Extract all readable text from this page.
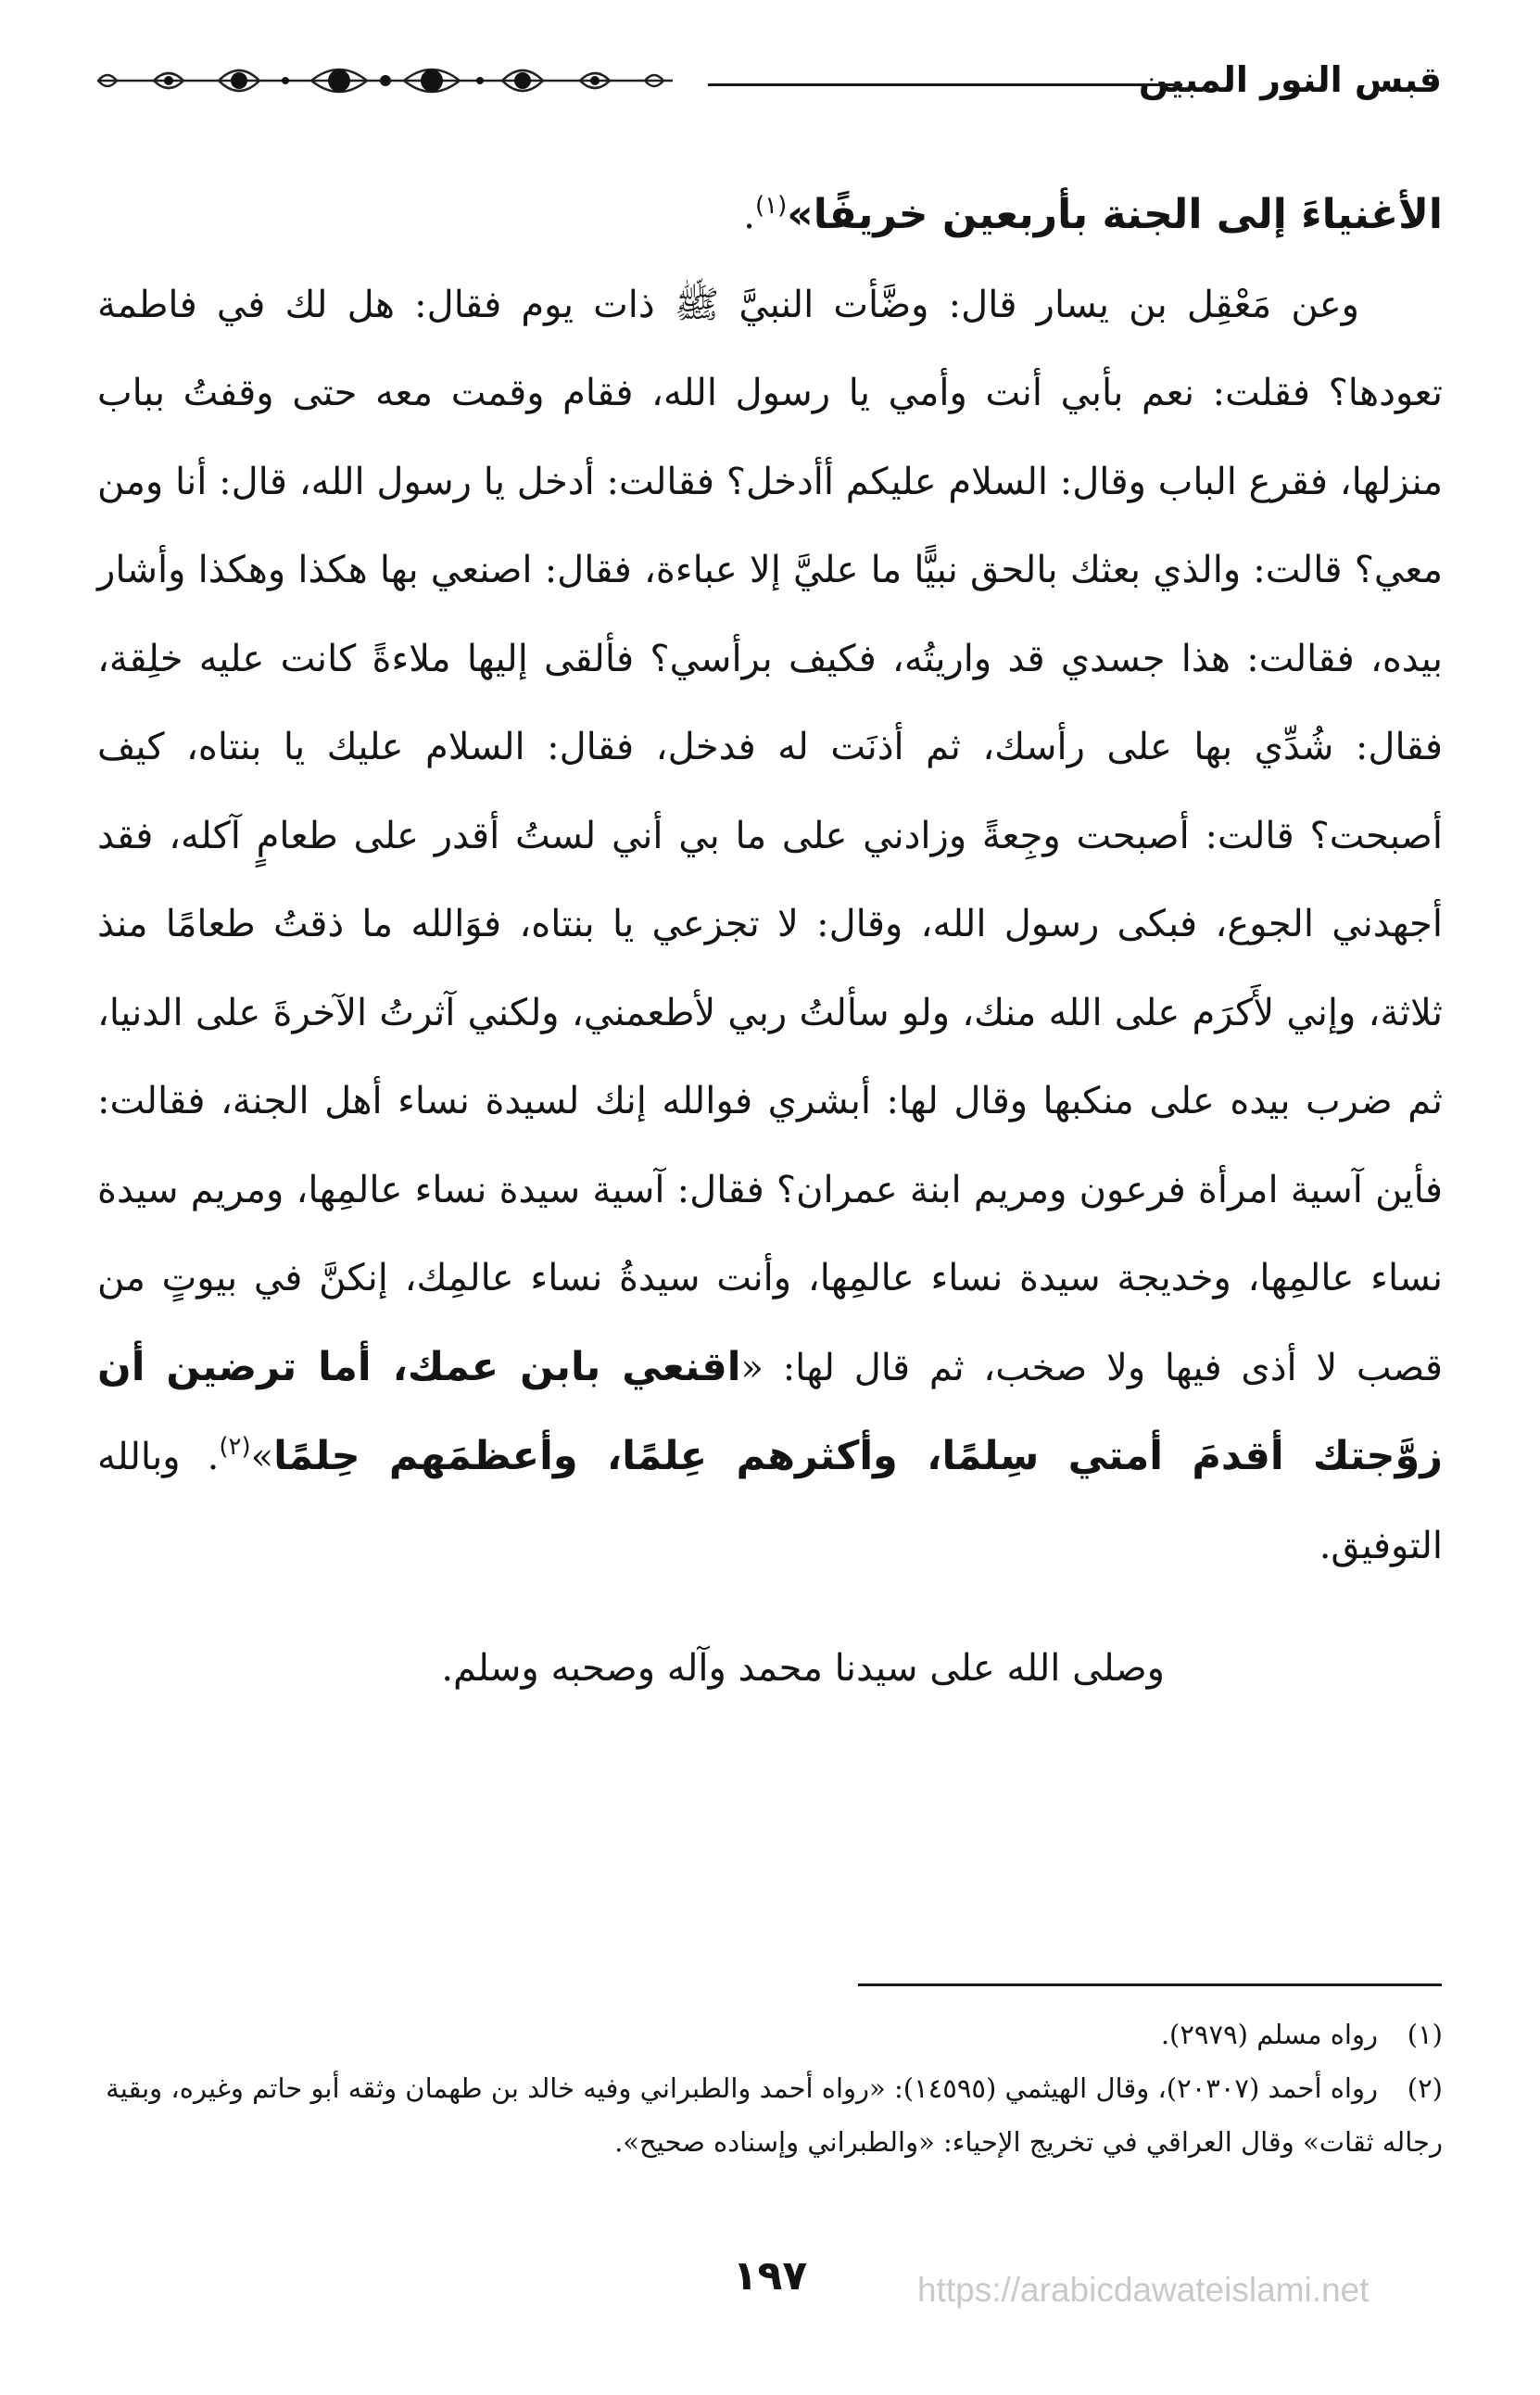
قبس النور المبين

الأغنياءَ إلى الجنة بأربعين خريفًا»$^{(١)}$.

وعن مَعْقِل بن يسار قال: وضَّأت النبيَّ ﷺ ذات يوم فقال: هل لك في فاطمة تعودها؟ فقلت: نعم بأبي أنت وأمي يا رسول الله، فقام وقمت معه حتى وقفتُ بباب منزلها، فقرع الباب وقال: السلام عليكم أأدخل؟ فقالت: أدخل يا رسول الله، قال: أنا ومن معي؟ قالت: والذي بعثك بالحق نبيًّا ما عليَّ إلا عباءة، فقال: اصنعي بها هكذا وهكذا وأشار بيده، فقالت: هذا جسدي قد واريتُه، فكيف برأسي؟ فألقى إليها ملاءةً كانت عليه خلِقة، فقال: شُدِّي بها على رأسك، ثم أذنَت له فدخل، فقال: السلام عليك يا بنتاه، كيف أصبحت؟ قالت: أصبحت وجِعةً وزادني على ما بي أني لستُ أقدر على طعامٍ آكله، فقد أجهدني الجوع، فبكى رسول الله، وقال: لا تجزعي يا بنتاه، فوَالله ما ذقتُ طعامًا منذ ثلاثة، وإني لأَكرَم على الله منك، ولو سألتُ ربي لأطعمني، ولكني آثرتُ الآخرةَ على الدنيا، ثم ضرب بيده على منكبها وقال لها: أبشري فوالله إنك لسيدة نساء أهل الجنة، فقالت: فأين آسية امرأة فرعون ومريم ابنة عمران؟ فقال: آسية سيدة نساء عالمِها، ومريم سيدة نساء عالمِها، وخديجة سيدة نساء عالمِها، وأنت سيدةُ نساء عالمِك، إنكنَّ في بيوتٍ من قصب لا أذى فيها ولا صخب، ثم قال لها: «اقنعي بابن عمك، أما ترضين أن زوَّجتك أقدمَ أمتي سِلمًا، وأكثرهم عِلمًا، وأعظمَهم حِلمًا»$^{(٢)}$. وبالله التوفيق.

وصلى الله على سيدنا محمد وآله وصحبه وسلم.

(١)رواه مسلم (٢٩٧٩).

(٢)رواه أحمد (٢٠٣٠٧)، وقال الهيثمي (١٤٥٩٥): «رواه أحمد والطبراني وفيه خالد بن طهمان وثقه أبو حاتم وغيره، وبقية رجاله ثقات» وقال العراقي في تخريج الإحياء: «والطبراني وإسناده صحيح».

١٩٧	https://arabicdawateislami.net
